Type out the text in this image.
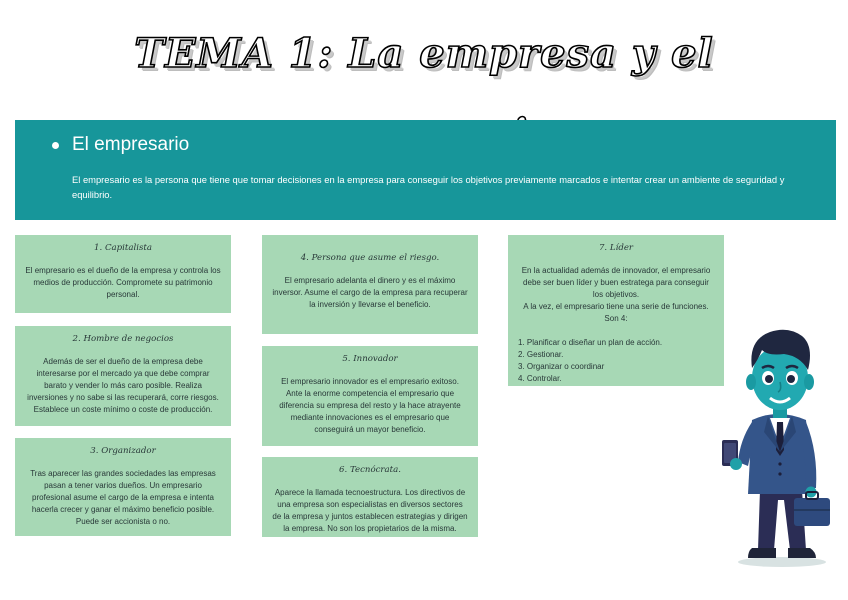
TEMA 1: La empresa y el
El empresario

El empresario es la persona que tiene que tomar decisiones en la empresa para conseguir los objetivos previamente marcados e intentar crear un ambiente de seguridad y equilibrio.

1. Capitalista
El empresario es el dueño de la empresa y controla los medios de producción. Compromete su patrimonio personal.
2. Hombre de negocios
Además de ser el dueño de la empresa debe interesarse por el mercado ya que debe comprar barato y vender lo más caro posible. Realiza inversiones y no sabe si las recuperará, corre riesgos. Establece un coste mínimo o coste de producción.
3. Organizador
Tras aparecer las grandes sociedades las empresas pasan a tener varios dueños. Un empresario profesional asume el cargo de la empresa e intenta hacerla crecer y ganar el máximo beneficio posible. Puede ser accionista o no.
4. Persona que asume el riesgo.
El empresario adelanta el dinero y es el máximo inversor. Asume el cargo de la empresa para recuperar la inversión y llevarse el beneficio.
5. Innovador
El empresario innovador es el empresario exitoso. Ante la enorme competencia el empresario que diferencia su empresa del resto y la hace atrayente mediante innovaciones es el empresario que conseguirá un mayor beneficio.
6. Tecnócrata.
Aparece la llamada tecnoestructura. Los directivos de una empresa son especialistas en diversos sectores de la empresa y juntos establecen estrategias y dirigen la empresa. No son los propietarios de la misma.
7. Líder
En la actualidad además de innovador, el empresario debe ser buen líder y buen estratega para conseguir los objetivos.
A la vez, el empresario tiene una serie de funciones. Son 4:
1. Planificar o diseñar un plan de acción.
2. Gestionar.
3. Organizar o coordinar
4. Controlar.
